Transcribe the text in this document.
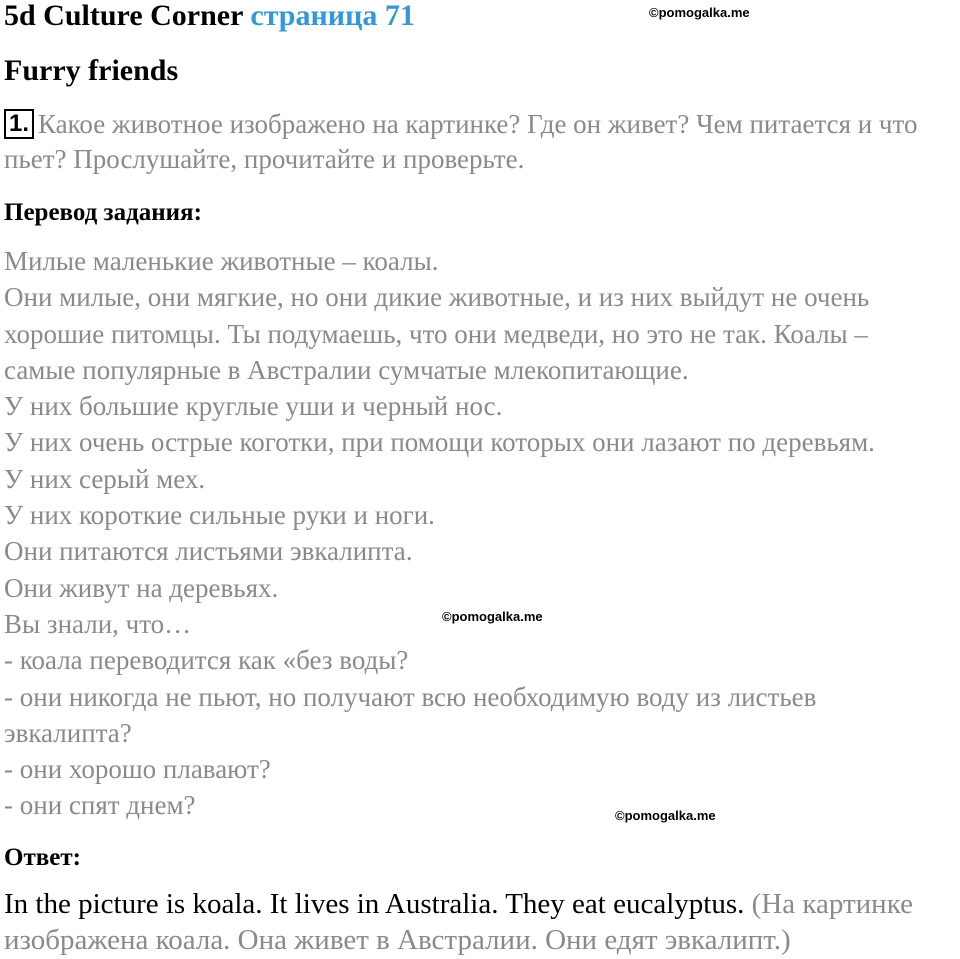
5d Culture Corner страница 71	©pomogalka.me
©pomogalka.me
©pomogalka.me
Furry friends
1. Какое животное изображено на картинке? Где он живет? Чем питается и что пьет? Прослушайте, прочитайте и проверьте.
Перевод задания:
Милые маленькие животные – коалы.
Они милые, они мягкие, но они дикие животные, и из них выйдут не очень
хорошие питомцы. Ты подумаешь, что они медведи, но это не так. Коалы –
самые популярные в Австралии сумчатые млекопитающие.
У них большие круглые уши и черный нос.
У них очень острые коготки, при помощи которых они лазают по деревьям.
У них серый мех.
У них короткие сильные руки и ноги.
Они питаются листьями эвкалипта.
Они живут на деревьях.
Вы знали, что…
- коала переводится как «без воды?
- они никогда не пьют, но получают всю необходимую воду из листьев
эвкалипта?
- они хорошо плавают?
- они спят днем?
Ответ:
In the picture is koala. It lives in Australia. They eat eucalyptus. (На картинке изображена коала. Она живет в Австралии. Они едят эвкалипт.)
